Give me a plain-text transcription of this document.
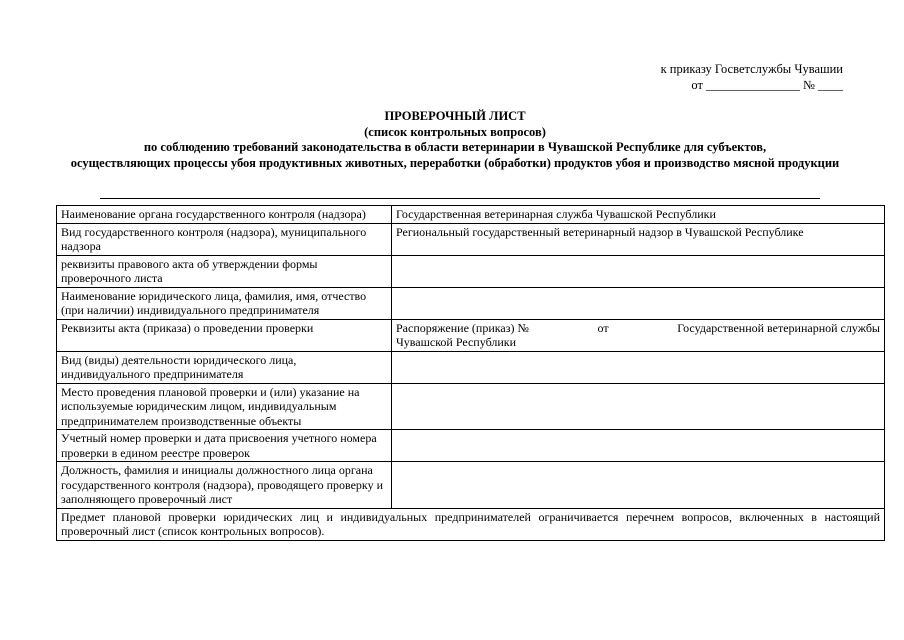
к приказу Госветслужбы Чувашии
от _______________ № ____
ПРОВЕРОЧНЫЙ ЛИСТ
(список контрольных вопросов)
по соблюдению требований законодательства в области ветеринарии в Чувашской Республике для субъектов,
осуществляющих процессы убоя продуктивных животных, переработки (обработки) продуктов убоя и производство мясной продукции
Наименование органа государственного контроля (надзора)	Государственная ветеринарная служба Чувашской Республики
Вид государственного контроля (надзора), муниципального надзора	Региональный государственный ветеринарный надзор в Чувашской Республике
реквизиты правового акта об утверждении формы проверочного листа	
Наименование юридического лица, фамилия, имя, отчество (при наличии) индивидуального предпринимателя	
Реквизиты акта (приказа) о проведении проверки	Распоряжение (приказ) № от Государственной ветеринарной службы
Чувашской Республики

Вид (виды) деятельности юридического лица, индивидуального предпринимателя	
Место проведения плановой проверки и (или) указание на используемые юридическим лицом, индивидуальным предпринимателем производственные объекты	
Учетный номер проверки и дата присвоения учетного номера проверки в едином реестре проверок	
Должность, фамилия и инициалы должностного лица органа государственного контроля (надзора), проводящего проверку и заполняющего проверочный лист	
Предмет плановой проверки юридических лиц и индивидуальных предпринимателей ограничивается перечнем вопросов, включенных в настоящий проверочный лист (список контрольных вопросов).	
